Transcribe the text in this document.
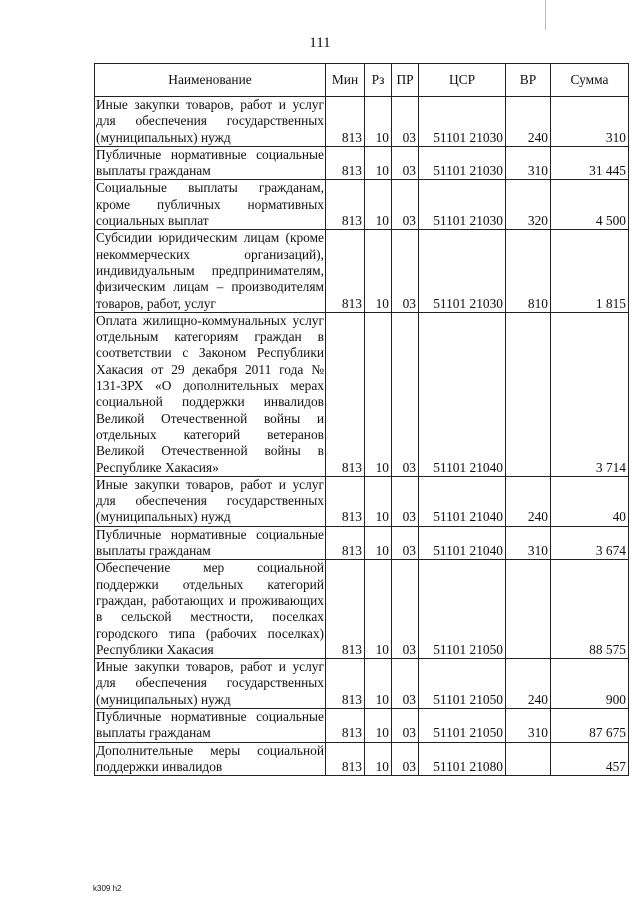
111
Наименование	Мин	Рз	ПР	ЦСР	ВР	Сумма
Иные закупки товаров, работ и услуг для обеспечения государственных (муниципальных) нужд	813	10	03	51101 21030	240	310
Публичные нормативные социальные выплаты гражданам	813	10	03	51101 21030	310	31 445
Социальные выплаты гражданам, кроме публичных нормативных социальных выплат	813	10	03	51101 21030	320	4 500
Субсидии юридическим лицам (кроме некоммерческих организаций), индивидуальным предпринимателям, физическим лицам – производителям товаров, работ, услуг	813	10	03	51101 21030	810	1 815
Оплата жилищно-коммунальных услуг отдельным категориям граждан в соответствии с Законом Республики Хакасия от 29 декабря 2011 года № 131-ЗРХ «О дополнительных мерах социальной поддержки инвалидов Великой Отечественной войны и отдельных категорий ветеранов Великой Отечественной войны в Республике Хакасия»	813	10	03	51101 21040		3 714
Иные закупки товаров, работ и услуг для обеспечения государственных (муниципальных) нужд	813	10	03	51101 21040	240	40
Публичные нормативные социальные выплаты гражданам	813	10	03	51101 21040	310	3 674
Обеспечение мер социальной поддержки отдельных категорий граждан, работающих и проживающих в сельской местности, поселках городского типа (рабочих поселках) Республики Хакасия	813	10	03	51101 21050		88 575
Иные закупки товаров, работ и услуг для обеспечения государственных (муниципальных) нужд	813	10	03	51101 21050	240	900
Публичные нормативные социальные выплаты гражданам	813	10	03	51101 21050	310	87 675
Дополнительные меры социальной поддержки инвалидов	813	10	03	51101 21080		457
k309 h2
